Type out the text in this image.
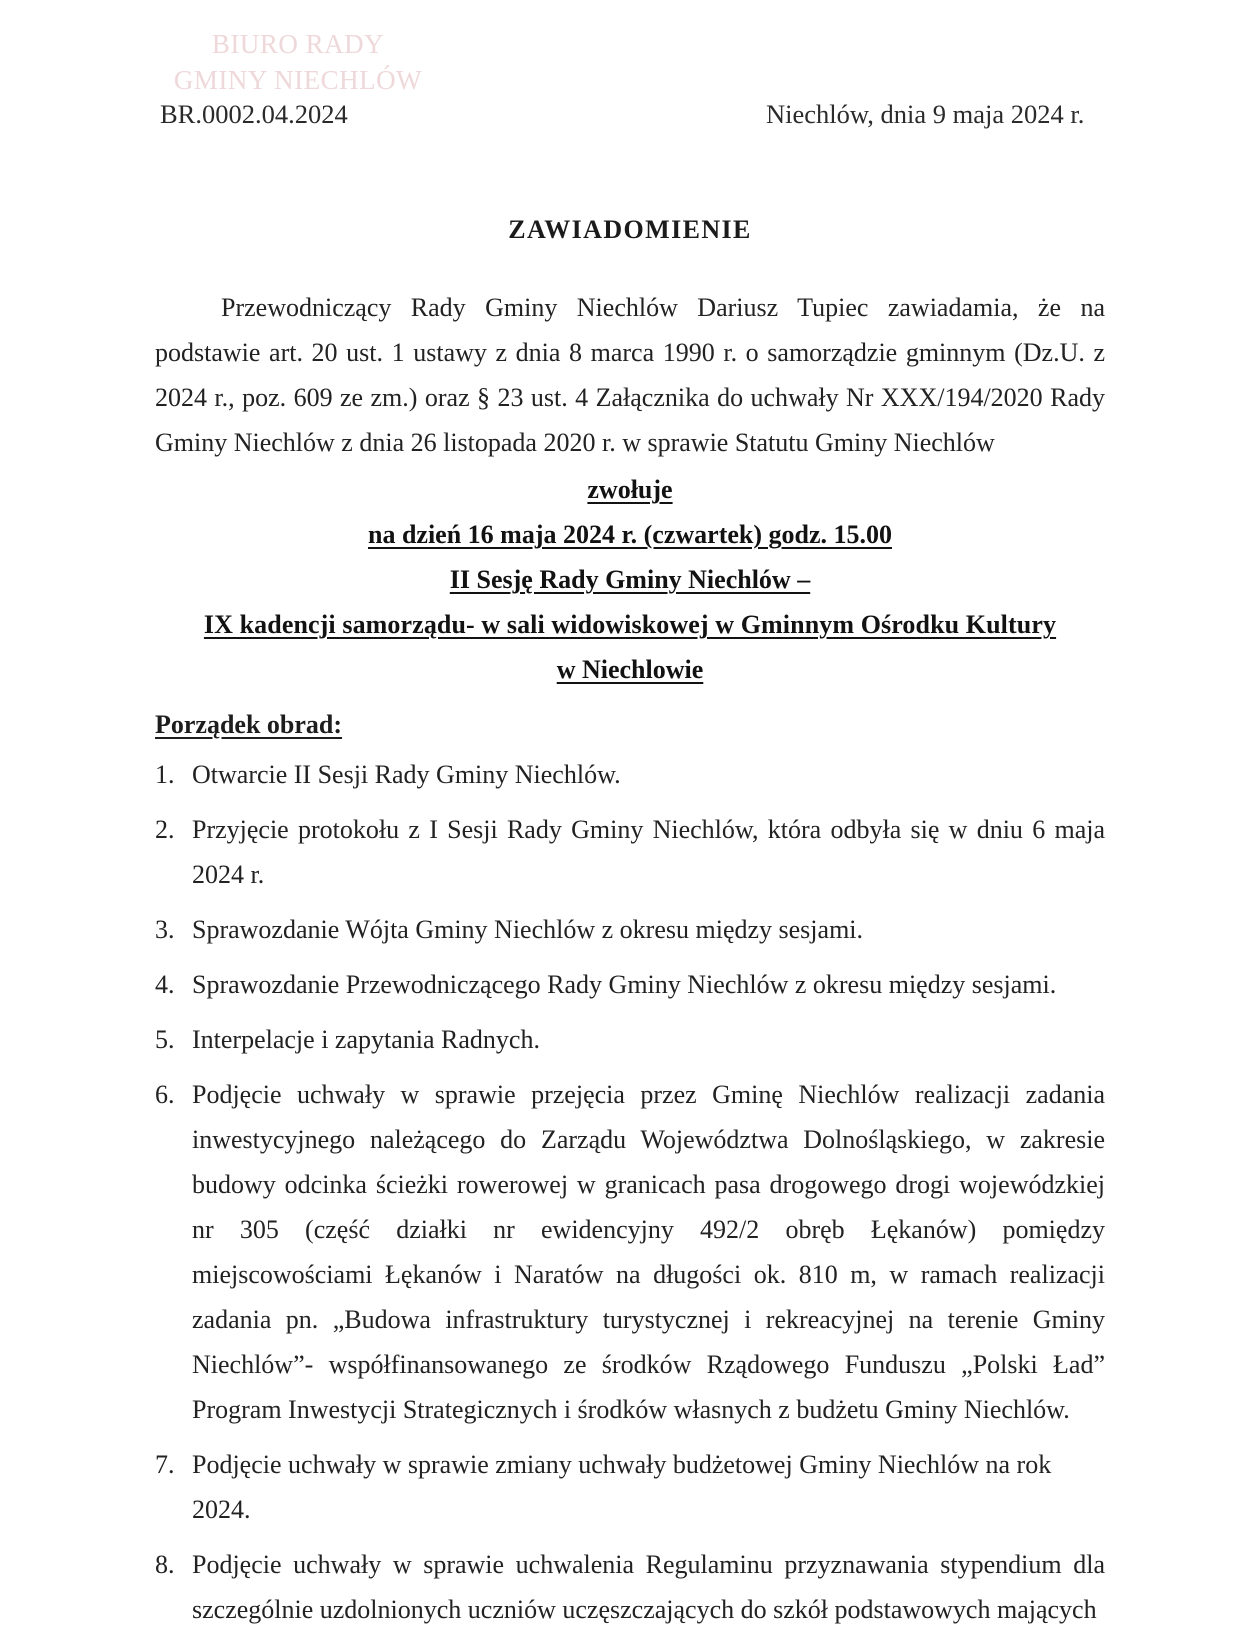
BIURO RADY
GMINY NIECHLÓW
BR.0002.04.2024	Niechlów, dnia 9 maja 2024 r.
ZAWIADOMIENIE

Przewodniczący Rady Gminy Niechlów Dariusz Tupiec zawiadamia, że na podstawie art. 20 ust. 1 ustawy z dnia 8 marca 1990 r. o samorządzie gminnym (Dz.U. z 2024 r., poz. 609 ze zm.) oraz § 23 ust. 4 Załącznika do uchwały Nr XXX/194/2020 Rady Gminy Niechlów z dnia 26 listopada 2020 r. w sprawie Statutu Gminy Niechlów

zwołuje
na dzień 16 maja 2024 r. (czwartek) godz. 15.00
II Sesję Rady Gminy Niechlów –
IX kadencji samorządu- w sali widowiskowej w Gminnym Ośrodku Kultury
w Niechlowie

Porządek obrad:

1. Otwarcie II Sesji Rady Gminy Niechlów.
2. Przyjęcie protokołu z I Sesji Rady Gminy Niechlów, która odbyła się w dniu 6 maja 2024 r.
3. Sprawozdanie Wójta Gminy Niechlów z okresu między sesjami.
4. Sprawozdanie Przewodniczącego Rady Gminy Niechlów z okresu między sesjami.
5. Interpelacje i zapytania Radnych.
6. Podjęcie uchwały w sprawie przejęcia przez Gminę Niechlów realizacji zadania inwestycyjnego należącego do Zarządu Województwa Dolnośląskiego, w zakresie budowy odcinka ścieżki rowerowej w granicach pasa drogowego drogi wojewódzkiej nr 305 (część działki nr ewidencyjny 492/2 obręb Łękanów) pomiędzy miejscowościami Łękanów i Naratów na długości ok. 810 m, w ramach realizacji zadania pn. „Budowa infrastruktury turystycznej i rekreacyjnej na terenie Gminy Niechlów”- współfinansowanego ze środków Rządowego Funduszu „Polski Ład” Program Inwestycji Strategicznych i środków własnych z budżetu Gminy Niechlów.
7. Podjęcie uchwały w sprawie zmiany uchwały budżetowej Gminy Niechlów na rok 2024.
8. Podjęcie uchwały w sprawie uchwalenia Regulaminu przyznawania stypendium dla szczególnie uzdolnionych uczniów uczęszczających do szkół podstawowych mających
